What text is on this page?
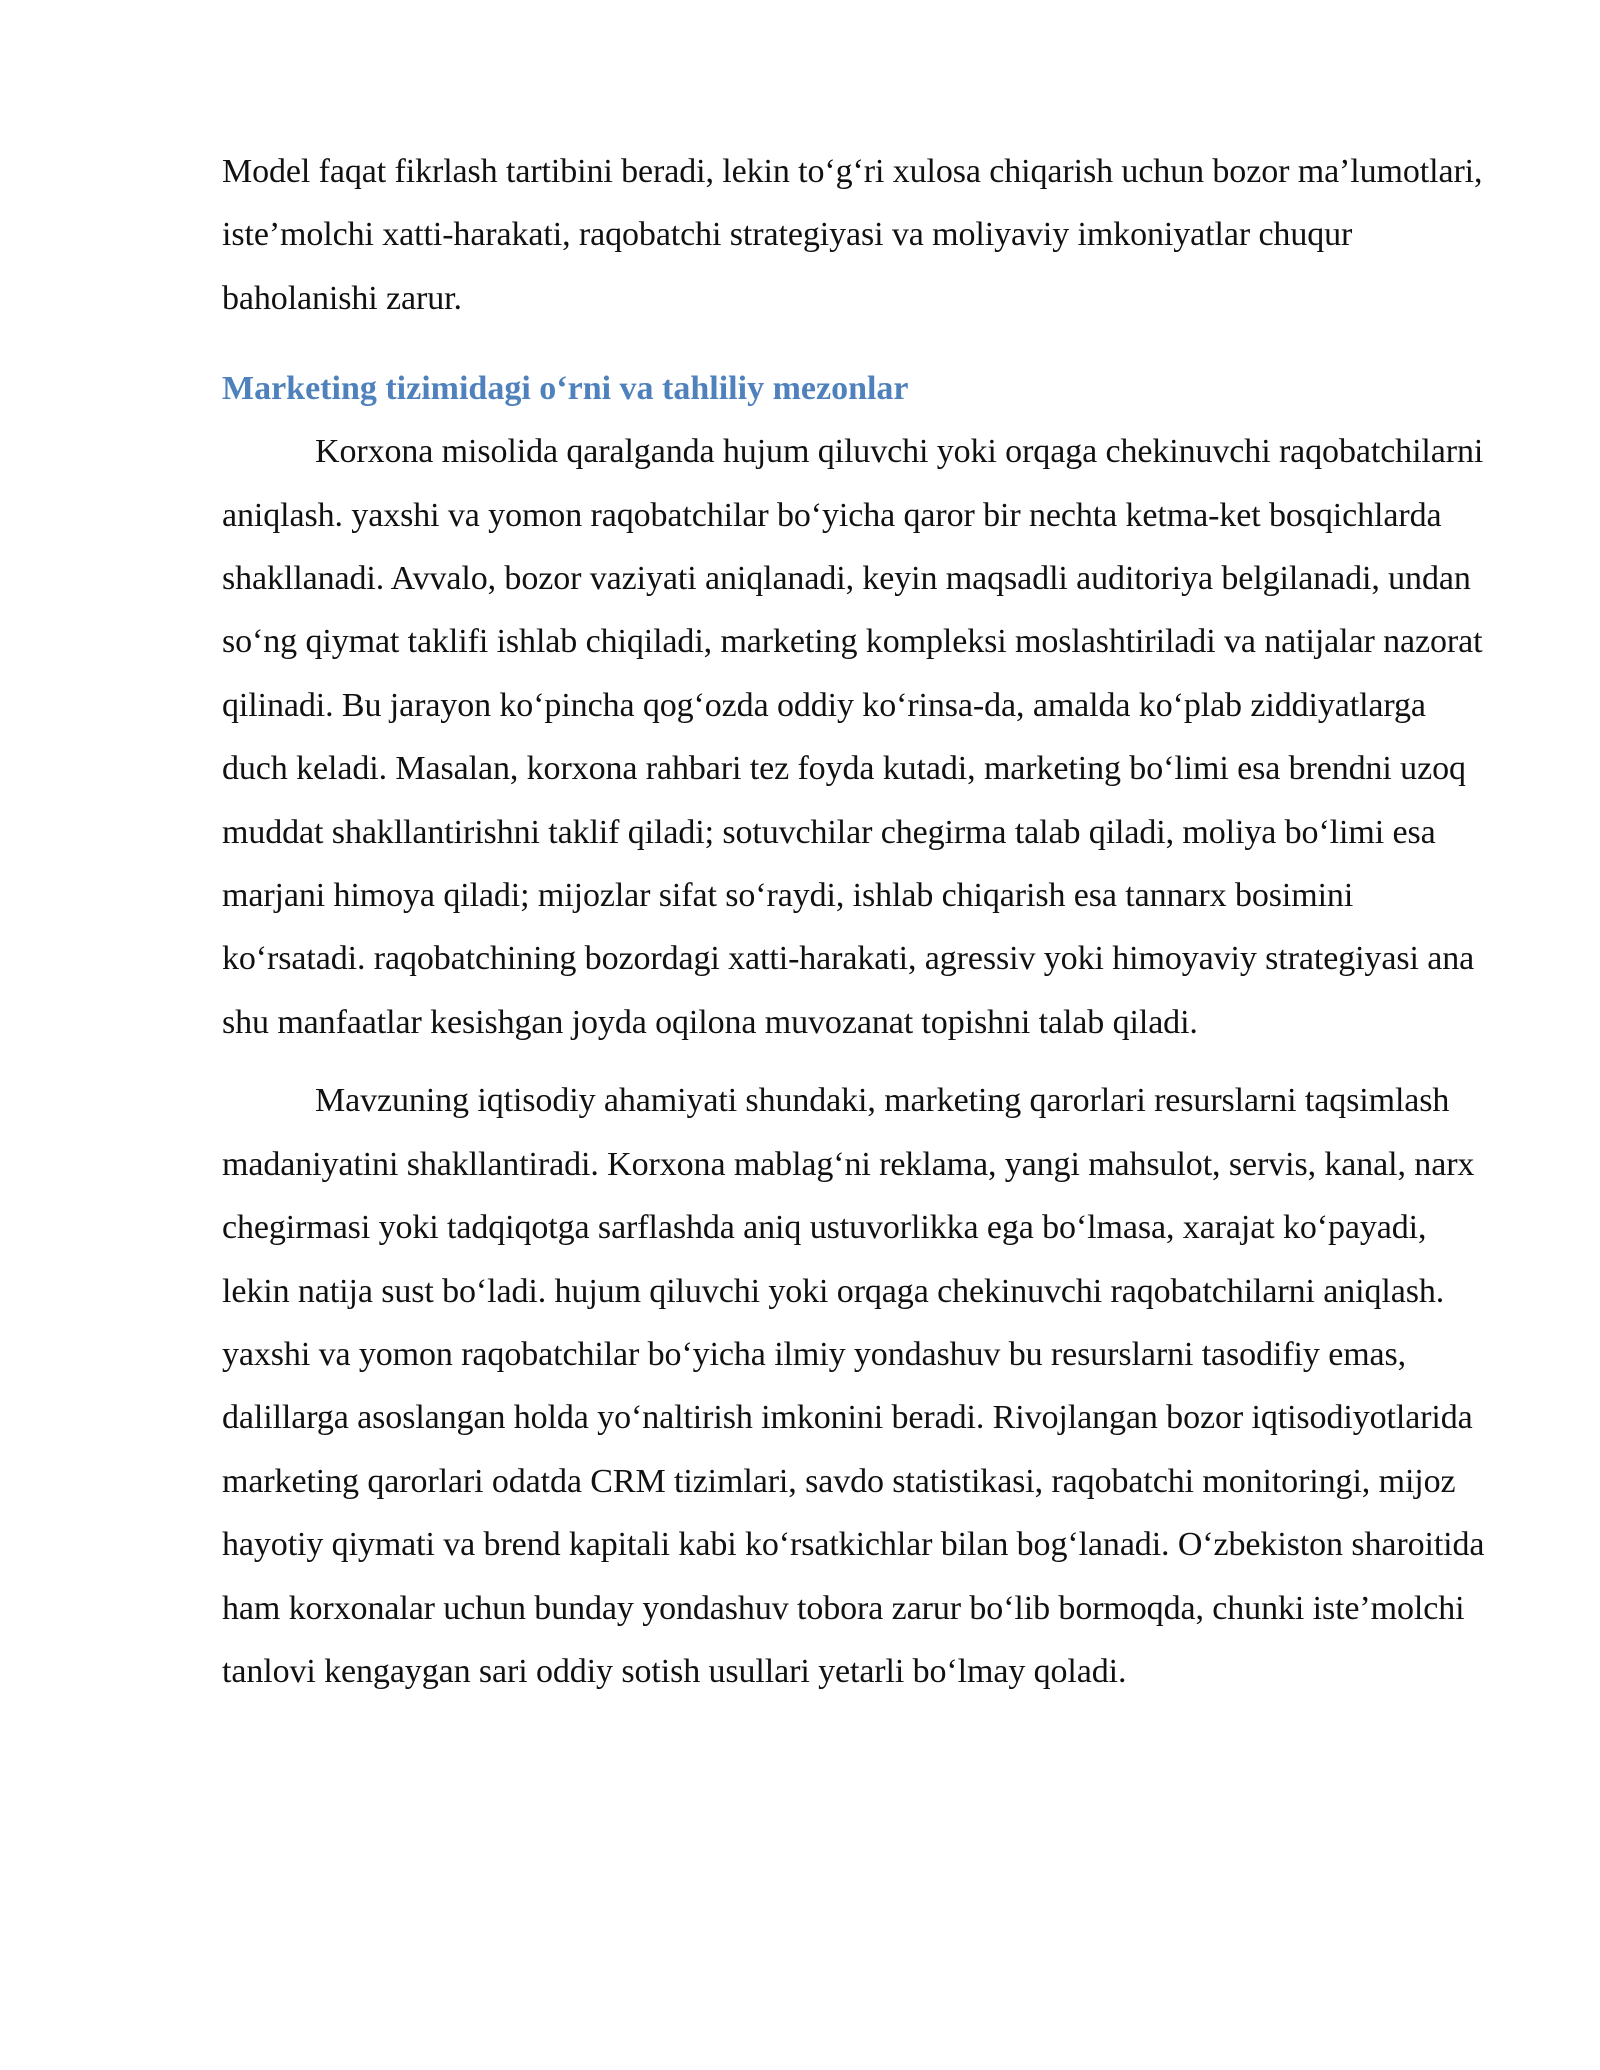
Model faqat fikrlash tartibini beradi, lekin to‘g‘ri xulosa chiqarish uchun bozor ma’lumotlari, iste’molchi xatti-harakati, raqobatchi strategiyasi va moliyaviy imkoniyatlar chuqur baholanishi zarur.

Marketing tizimidagi o‘rni va tahliliy mezonlar

Korxona misolida qaralganda hujum qiluvchi yoki orqaga chekinuvchi raqobatchilarni aniqlash. yaxshi va yomon raqobatchilar bo‘yicha qaror bir nechta ketma-ket bosqichlarda shakllanadi. Avvalo, bozor vaziyati aniqlanadi, keyin maqsadli auditoriya belgilanadi, undan so‘ng qiymat taklifi ishlab chiqiladi, marketing kompleksi moslashtiriladi va natijalar nazorat qilinadi. Bu jarayon ko‘pincha qog‘ozda oddiy ko‘rinsa-da, amalda ko‘plab ziddiyatlarga duch keladi. Masalan, korxona rahbari tez foyda kutadi, marketing bo‘limi esa brendni uzoq muddat shakllantirishni taklif qiladi; sotuvchilar chegirma talab qiladi, moliya bo‘limi esa marjani himoya qiladi; mijozlar sifat so‘raydi, ishlab chiqarish esa tannarx bosimini ko‘rsatadi. raqobatchining bozordagi xatti-harakati, agressiv yoki himoyaviy strategiyasi ana shu manfaatlar kesishgan joyda oqilona muvozanat topishni talab qiladi.

Mavzuning iqtisodiy ahamiyati shundaki, marketing qarorlari resurslarni taqsimlash madaniyatini shakllantiradi. Korxona mablag‘ni reklama, yangi mahsulot, servis, kanal, narx chegirmasi yoki tadqiqotga sarflashda aniq ustuvorlikka ega bo‘lmasa, xarajat ko‘payadi, lekin natija sust bo‘ladi. hujum qiluvchi yoki orqaga chekinuvchi raqobatchilarni aniqlash. yaxshi va yomon raqobatchilar bo‘yicha ilmiy yondashuv bu resurslarni tasodifiy emas, dalillarga asoslangan holda yo‘naltirish imkonini beradi. Rivojlangan bozor iqtisodiyotlarida marketing qarorlari odatda CRM tizimlari, savdo statistikasi, raqobatchi monitoringi, mijoz hayotiy qiymati va brend kapitali kabi ko‘rsatkichlar bilan bog‘lanadi. O‘zbekiston sharoitida ham korxonalar uchun bunday yondashuv tobora zarur bo‘lib bormoqda, chunki iste’molchi tanlovi kengaygan sari oddiy sotish usullari yetarli bo‘lmay qoladi.
